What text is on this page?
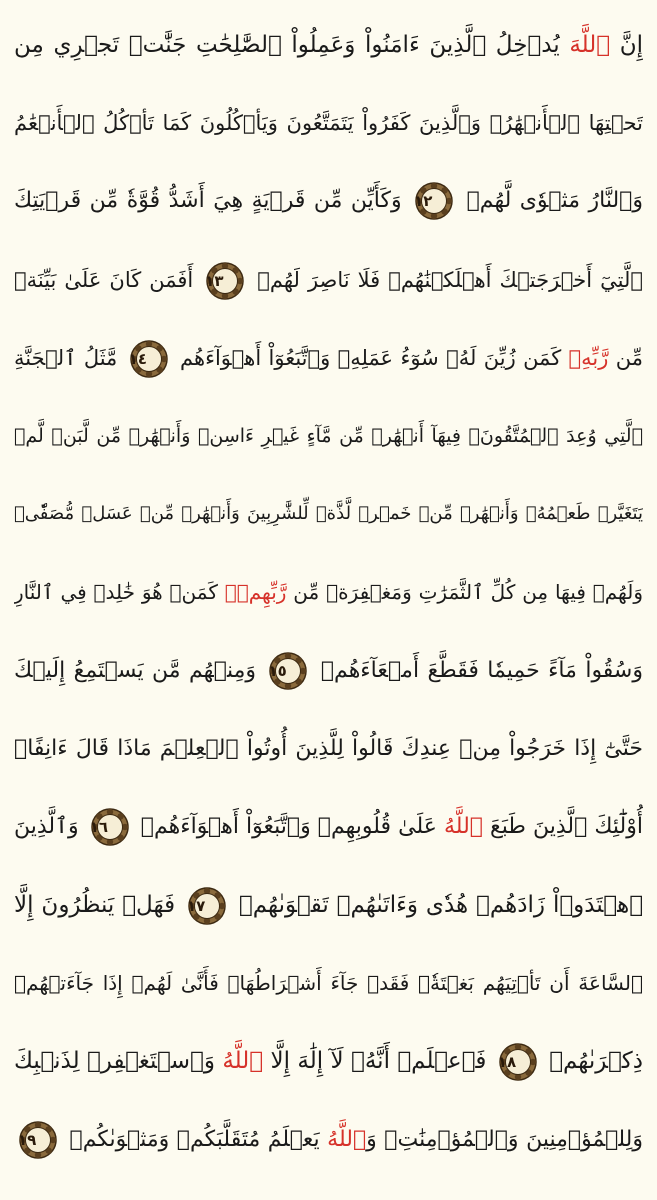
إِنَّ ٱللَّهَ يُدۡخِلُ ٱلَّذِينَ ءَامَنُواْ وَعَمِلُواْ ٱلصَّٰلِحَٰتِ جَنَّٰتٖ تَجۡرِي مِن
تَحۡتِهَا ٱلۡأَنۡهَٰرُۖ وَٱلَّذِينَ كَفَرُواْ يَتَمَتَّعُونَ وَيَأۡكُلُونَ كَمَا تَأۡكُلُ ٱلۡأَنۡعَٰمُ
وَٱلنَّارُ مَثۡوٗى لَّهُمۡ
١٢
وَكَأَيِّن مِّن قَرۡيَةٍ هِيَ أَشَدُّ قُوَّةٗ مِّن قَرۡيَتِكَ
ٱلَّتِيٓ أَخۡرَجَتۡكَ أَهۡلَكۡنَٰهُمۡ فَلَا نَاصِرَ لَهُمۡ
١٣
أَفَمَن كَانَ عَلَىٰ بَيِّنَةٖ
مِّن رَّبِّهِۦ كَمَن زُيِّنَ لَهُۥ سُوٓءُ عَمَلِهِۦ وَٱتَّبَعُوٓاْ أَهۡوَآءَهُم
١٤
مَّثَلُ ٱلۡجَنَّةِ
ٱلَّتِي وُعِدَ ٱلۡمُتَّقُونَۖ فِيهَآ أَنۡهَٰرٞ مِّن مَّآءٍ غَيۡرِ ءَاسِنٖ وَأَنۡهَٰرٞ مِّن لَّبَنٖ لَّمۡ
يَتَغَيَّرۡ طَعۡمُهُۥ وَأَنۡهَٰرٞ مِّنۡ خَمۡرٖ لَّذَّةٖ لِّلشَّٰرِبِينَ وَأَنۡهَٰرٞ مِّنۡ عَسَلٖ مُّصَفّٗىۖ
وَلَهُمۡ فِيهَا مِن كُلِّ ٱلثَّمَرَٰتِ وَمَغۡفِرَةٞ مِّن رَّبِّهِمۡۖ كَمَنۡ هُوَ خَٰلِدٞ فِي ٱلنَّارِ
وَسُقُواْ مَآءً حَمِيمٗا فَقَطَّعَ أَمۡعَآءَهُمۡ
١٥
وَمِنۡهُم مَّن يَسۡتَمِعُ إِلَيۡكَ
حَتَّىٰٓ إِذَا خَرَجُواْ مِنۡ عِندِكَ قَالُواْ لِلَّذِينَ أُوتُواْ ٱلۡعِلۡمَ مَاذَا قَالَ ءَانِفًاۚ
أُوْلَٰٓئِكَ ٱلَّذِينَ طَبَعَ ٱللَّهُ عَلَىٰ قُلُوبِهِمۡ وَٱتَّبَعُوٓاْ أَهۡوَآءَهُمۡ
١٦
وَٱلَّذِينَ
ٱهۡتَدَوۡاْ زَادَهُمۡ هُدٗى وَءَاتَىٰهُمۡ تَقۡوَىٰهُمۡ
١٧
فَهَلۡ يَنظُرُونَ إِلَّا
ٱلسَّاعَةَ أَن تَأۡتِيَهُم بَغۡتَةٗۖ فَقَدۡ جَآءَ أَشۡرَاطُهَاۚ فَأَنَّىٰ لَهُمۡ إِذَا جَآءَتۡهُمۡ
ذِكۡرَىٰهُمۡ
١٨
فَٱعۡلَمۡ أَنَّهُۥ لَآ إِلَٰهَ إِلَّا ٱللَّهُ وَٱسۡتَغۡفِرۡ لِذَنۢبِكَ
وَلِلۡمُؤۡمِنِينَ وَٱلۡمُؤۡمِنَٰتِۗ وَٱللَّهُ يَعۡلَمُ مُتَقَلَّبَكُمۡ وَمَثۡوَىٰكُمۡ
١٩
